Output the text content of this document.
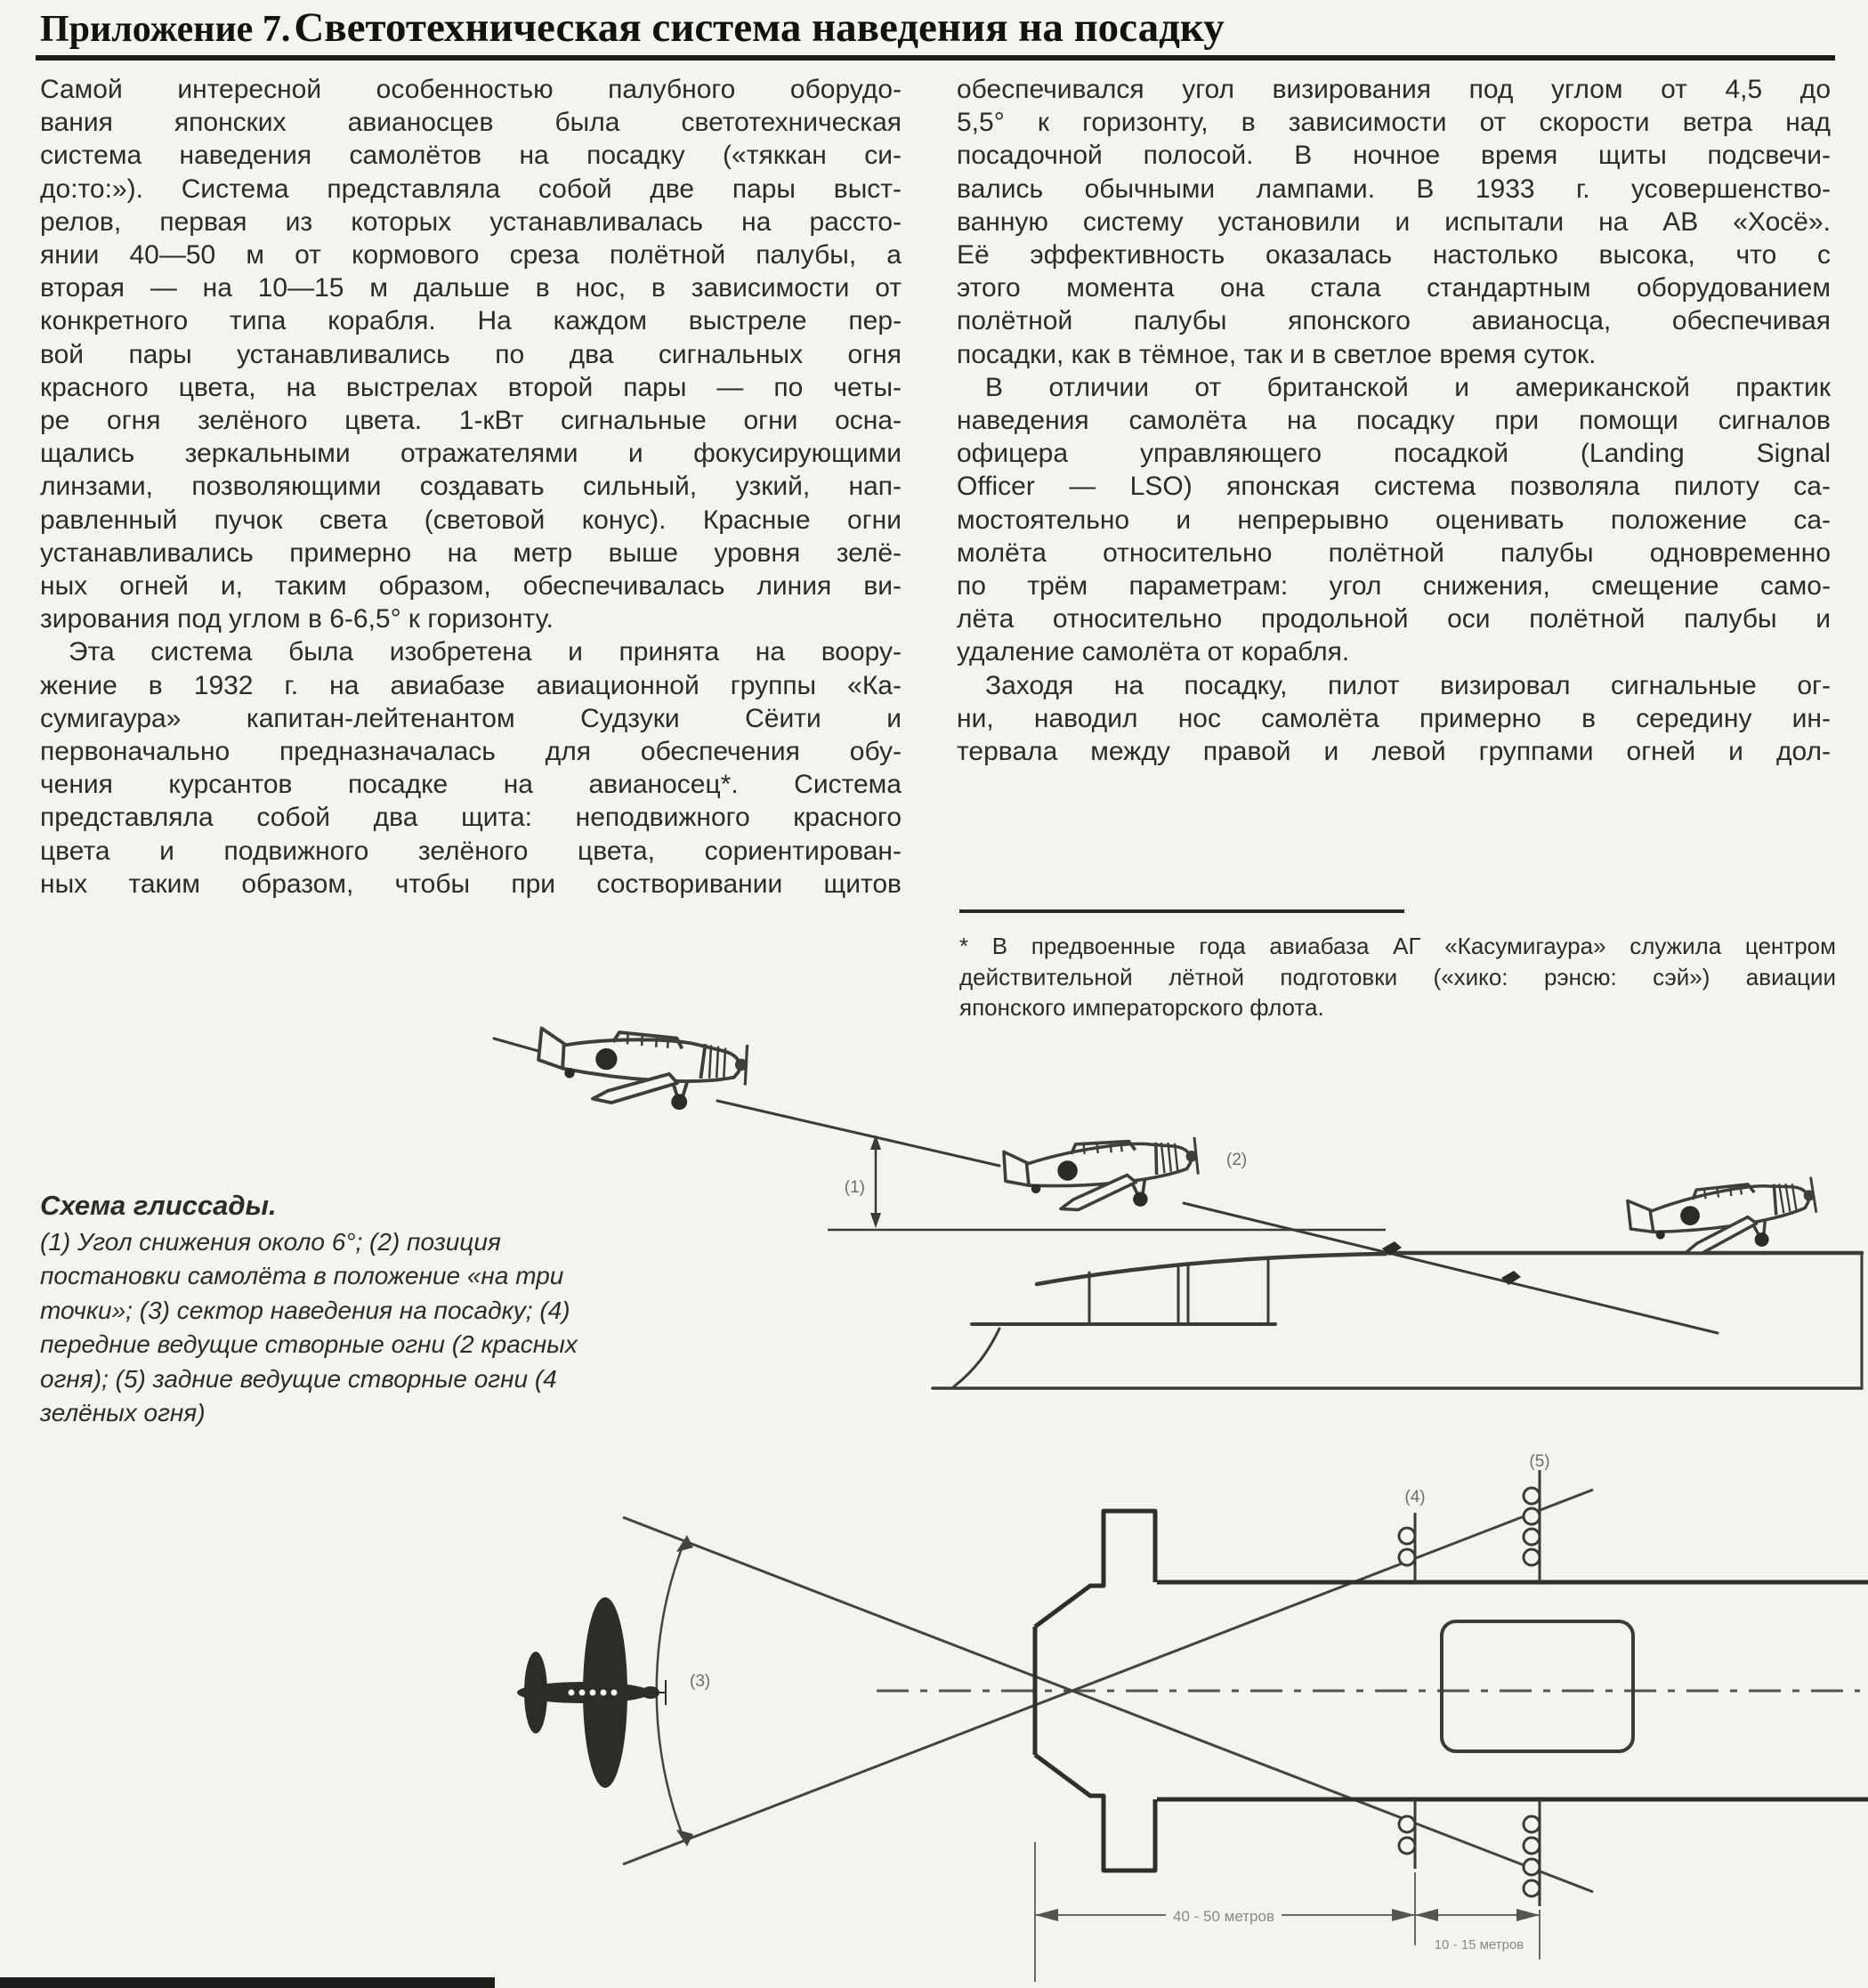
Приложение 7. Светотехническая система наведения на посадку
Самой интересной особенностью палубного оборудо-
вания японских авианосцев была светотехническая
система наведения самолётов на посадку («тяккан си-
до:то:»). Система представляла собой две пары выст-
релов, первая из которых устанавливалась на рассто-
янии 40—50 м от кормового среза полётной палубы, а
вторая — на 10—15 м дальше в нос, в зависимости от
конкретного типа корабля. На каждом выстреле пер-
вой пары устанавливались по два сигнальных огня
красного цвета, на выстрелах второй пары — по четы-
ре огня зелёного цвета. 1-кВт сигнальные огни осна-
щались зеркальными отражателями и фокусирующими
линзами, позволяющими создавать сильный, узкий, нап-
равленный пучок света (световой конус). Красные огни
устанавливались примерно на метр выше уровня зелё-
ных огней и, таким образом, обеспечивалась линия ви-
зирования под углом в 6-6,5° к горизонту.
Эта система была изобретена и принята на воору-
жение в 1932 г. на авиабазе авиационной группы «Ка-
сумигаура» капитан-лейтенантом Судзуки Сёити и
первоначально предназначалась для обеспечения обу-
чения курсантов посадке на авианосец*. Система
представляла собой два щита: неподвижного красного
цвета и подвижного зелёного цвета, сориентирован-
ных таким образом, чтобы при состворивании щитов
обеспечивался угол визирования под углом от 4,5 до
5,5° к горизонту, в зависимости от скорости ветра над
посадочной полосой. В ночное время щиты подсвечи-
вались обычными лампами. В 1933 г. усовершенство-
ванную систему установили и испытали на АВ «Хосё».
Её эффективность оказалась настолько высока, что с
этого момента она стала стандартным оборудованием
полётной палубы японского авианосца, обеспечивая
посадки, как в тёмное, так и в светлое время суток.
В отличии от британской и американской практик
наведения самолёта на посадку при помощи сигналов
офицера управляющего посадкой (Landing Signal
Officer — LSO) японская система позволяла пилоту са-
мостоятельно и непрерывно оценивать положение са-
молёта относительно полётной палубы одновременно
по трём параметрам: угол снижения, смещение само-
лёта относительно продольной оси полётной палубы и
удаление самолёта от корабля.
Заходя на посадку, пилот визировал сигнальные ог-
ни, наводил нос самолёта примерно в середину ин-
тервала между правой и левой группами огней и дол-
* В предвоенные года авиабаза АГ «Касумигаура» служила центром
действительной лётной подготовки («хико: рэнсю: сэй») авиации
японского императорского флота.
Схема глиссады.
(1) Угол снижения около 6°; (2) позиция
постановки самолёта в положение «на три
точки»; (3) сектор наведения на посадку; (4)
передние ведущие створные огни (2 красных
огня); (5) задние ведущие створные огни (4
зелёных огня)
(1)
(2)
40 - 50 метров
10 - 15 метров
(3)
(4)
(5)
